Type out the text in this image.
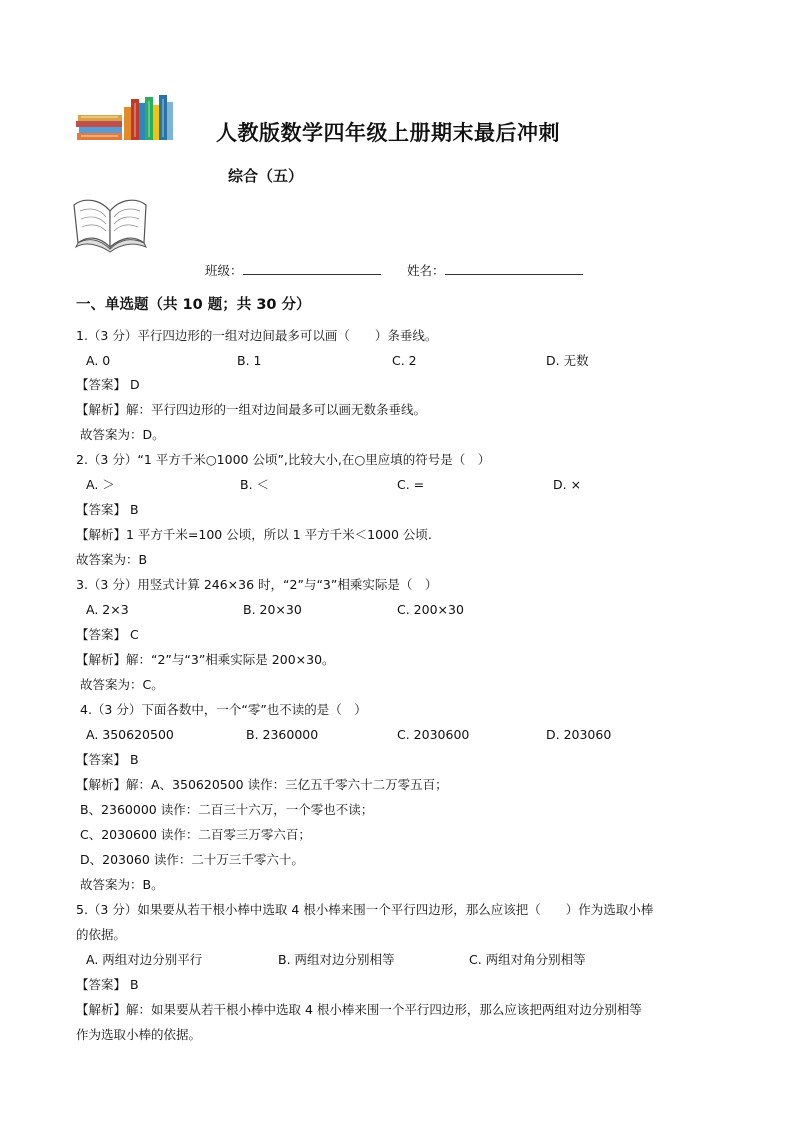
人教版数学四年级上册期末最后冲刺
综合（五）
班级：	姓名：
一、单选题（共 10 题；共 30 分）
1.（3 分）平行四边形的一组对边间最多可以画（　　）条垂线。
A. 0	B. 1	C. 2	D. 无数
【答案】 D
【解析】解：平行四边形的一组对边间最多可以画无数条垂线。
故答案为：D。
2.（3 分）“1 平方千米○1000 公顷”,比较大小,在○里应填的符号是（　）
A. ＞	B. ＜	C. =	D. ×
【答案】 B
【解析】1 平方千米=100 公顷，所以 1 平方千米＜1000 公顷.
故答案为：B
3.（3 分）用竖式计算 246×36 时，“2”与“3”相乘实际是（　）
A. 2×3	B. 20×30	C. 200×30
【答案】 C
【解析】解：“2”与“3”相乘实际是 200×30。
故答案为：C。
4.（3 分）下面各数中，一个“零”也不读的是（　）
A. 350620500	B. 2360000	C. 2030600	D. 203060
【答案】 B
【解析】解：A、350620500 读作：三亿五千零六十二万零五百；
B、2360000 读作：二百三十六万，一个零也不读；
C、2030600 读作：二百零三万零六百；
D、203060 读作：二十万三千零六十。
故答案为：B。
5.（3 分）如果要从若干根小棒中选取 4 根小棒来围一个平行四边形，那么应该把（　　）作为选取小棒
的依据。
A. 两组对边分别平行	B. 两组对边分别相等	C. 两组对角分别相等
【答案】 B
【解析】解：如果要从若干根小棒中选取 4 根小棒来围一个平行四边形，那么应该把两组对边分别相等
作为选取小棒的依据。
